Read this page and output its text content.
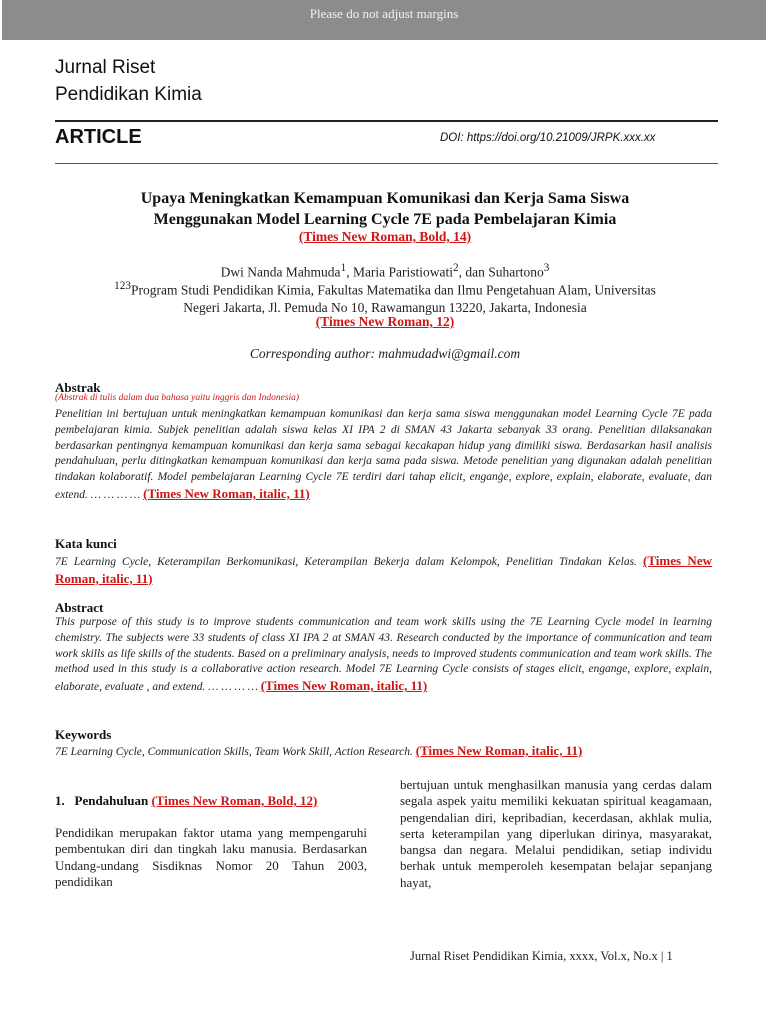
Please do not adjust margins
Jurnal Riset
Pendidikan Kimia
ARTICLE	DOI: https://doi.org/10.21009/JRPK.xxx.xx
Upaya Meningkatkan Kemampuan Komunikasi dan Kerja Sama Siswa
Menggunakan Model Learning Cycle 7E pada Pembelajaran Kimia
(Times New Roman, Bold, 14)
Dwi Nanda Mahmuda$^1$, Maria Paristiowati$^2$, dan Suhartono$^3$
$^{123}$Program Studi Pendidikan Kimia, Fakultas Matematika dan Ilmu Pengetahuan Alam, Universitas
Negeri Jakarta, Jl. Pemuda No 10, Rawamangun 13220, Jakarta, Indonesia
(Times New Roman, 12)
Corresponding author: mahmudadwi@gmail.com
Abstrak
(Abstrak di tulis dalam dua bahasa yaitu inggris dan Indonesia)
Penelitian ini bertujuan untuk meningkatkan kemampuan komunikasi dan kerja sama siswa menggunakan model Learning Cycle 7E pada pembelajaran kimia. Subjek penelitian adalah siswa kelas XI IPA 2 di SMAN 43 Jakarta sebanyak 33 orang. Penelitian dilaksanakan berdasarkan pentingnya kemampuan komunikasi dan kerja sama sebagai kecakapan hidup yang dimiliki siswa. Berdasarkan hasil analisis pendahuluan, perlu ditingkatkan kemampuan komunikasi dan kerja sama pada siswa. Metode penelitian yang digunakan adalah penelitian tindakan kolaboratif. Model pembelajaran Learning Cycle 7E terdiri dari tahap elicit, enganġe, explore, explain, elaborate, evaluate, dan extend. … … … … (Times New Roman, italic, 11)
Kata kunci
7E Learning Cycle, Keterampilan Berkomunikasi, Keterampilan Bekerja dalam Kelompok, Penelitian Tindakan Kelas. (Times New Roman, italic, 11)
Abstract
This purpose of this study is to improve students communication and team work skills using the 7E Learning Cycle model in learning chemistry. The subjects were 33 students of class XI IPA 2 at SMAN 43. Research conducted by the importance of communication and team work skills as life skills of the students. Based on a preliminary analysis, needs to improved students communication and team work skills. The method used in this study is a collaborative action research. Model 7E Learning Cycle consists of stages elicit, engange, explore, explain, elaborate, evaluate , and extend. … … … … (Times New Roman, italic, 11)
Keywords
7E Learning Cycle, Communication Skills, Team Work Skill, Action Research. (Times New Roman, italic, 11)
1.   Pendahuluan (Times New Roman, Bold, 12)
Pendidikan merupakan faktor utama yang mempengaruhi pembentukan diri dan tingkah laku manusia. Berdasarkan Undang-undang Sisdiknas Nomor 20 Tahun 2003, pendidikan
bertujuan untuk menghasilkan manusia yang cerdas dalam segala aspek yaitu memiliki kekuatan spiritual keagamaan, pengendalian diri, kepribadian, kecerdasan, akhlak mulia, serta keterampilan yang diperlukan dirinya, masyarakat, bangsa dan negara. Melalui pendidikan, setiap individu berhak untuk memperoleh kesempatan belajar sepanjang hayat,
Jurnal Riset Pendidikan Kimia, xxxx, Vol.x, No.x | 1
